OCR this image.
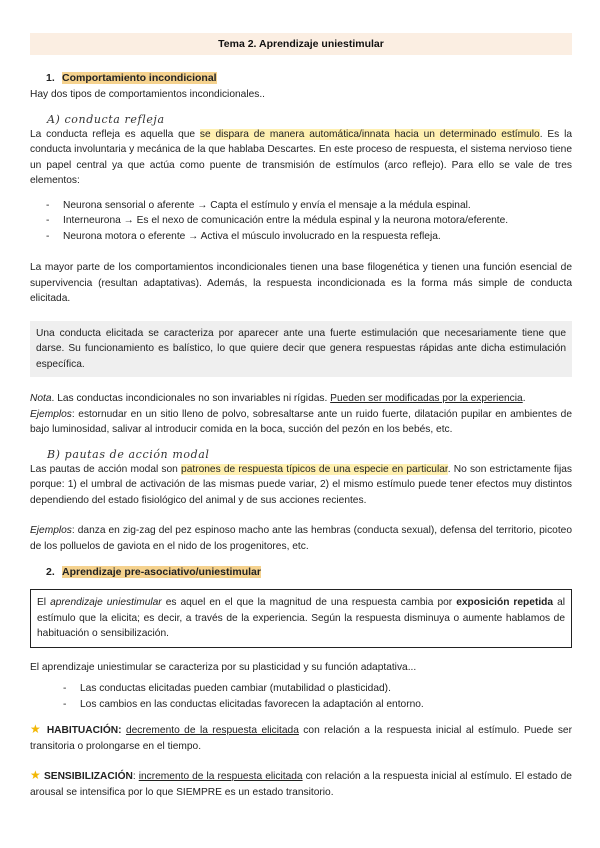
Tema 2. Aprendizaje uniestimular
1. Comportamiento incondicional

Hay dos tipos de comportamientos incondicionales..

A) conducta refleja

La conducta refleja es aquella que se dispara de manera automática/innata hacia un determinado estímulo. Es la conducta involuntaria y mecánica de la que hablaba Descartes. En este proceso de respuesta, el sistema nervioso tiene un papel central ya que actúa como puente de transmisión de estímulos (arco reflejo). Para ello se vale de tres elementos:

- Neurona sensorial o aferente → Capta el estímulo y envía el mensaje a la médula espinal.
- Interneurona → Es el nexo de comunicación entre la médula espinal y la neurona motora/eferente.
- Neurona motora o eferente → Activa el músculo involucrado en la respuesta refleja.

La mayor parte de los comportamientos incondicionales tienen una base filogenética y tienen una función esencial de supervivencia (resultan adaptativas). Además, la respuesta incondicionada es la forma más simple de conducta elicitada.

Una conducta elicitada se caracteriza por aparecer ante una fuerte estimulación que necesariamente tiene que darse. Su funcionamiento es balístico, lo que quiere decir que genera respuestas rápidas ante dicha estimulación específica.

Nota. Las conductas incondicionales no son invariables ni rígidas. Pueden ser modificadas por la experiencia.
Ejemplos: estornudar en un sitio lleno de polvo, sobresaltarse ante un ruido fuerte, dilatación pupilar en ambientes de bajo luminosidad, salivar al introducir comida en la boca, succión del pezón en los bebés, etc.

B) pautas de acción modal

Las pautas de acción modal son patrones de respuesta típicos de una especie en particular. No son estrictamente fijas porque: 1) el umbral de activación de las mismas puede variar, 2) el mismo estímulo puede tener efectos muy distintos dependiendo del estado fisiológico del animal y de sus acciones recientes.

Ejemplos: danza en zig-zag del pez espinoso macho ante las hembras (conducta sexual), defensa del territorio, picoteo de los polluelos de gaviota en el nido de los progenitores, etc.

2. Aprendizaje pre-asociativo/uniestimular

El aprendizaje uniestimular es aquel en el que la magnitud de una respuesta cambia por exposición repetida al estímulo que la elicita; es decir, a través de la experiencia. Según la respuesta disminuya o aumente hablamos de habituación o sensibilización.

El aprendizaje uniestimular se caracteriza por su plasticidad y su función adaptativa...

- Las conductas elicitadas pueden cambiar (mutabilidad o plasticidad).
- Los cambios en las conductas elicitadas favorecen la adaptación al entorno.

★ HABITUACIÓN: decremento de la respuesta elicitada con relación a la respuesta inicial al estímulo. Puede ser transitoria o prolongarse en el tiempo.

★ SENSIBILIZACIÓN: incremento de la respuesta elicitada con relación a la respuesta inicial al estímulo. El estado de arousal se intensifica por lo que SIEMPRE es un estado transitorio.
